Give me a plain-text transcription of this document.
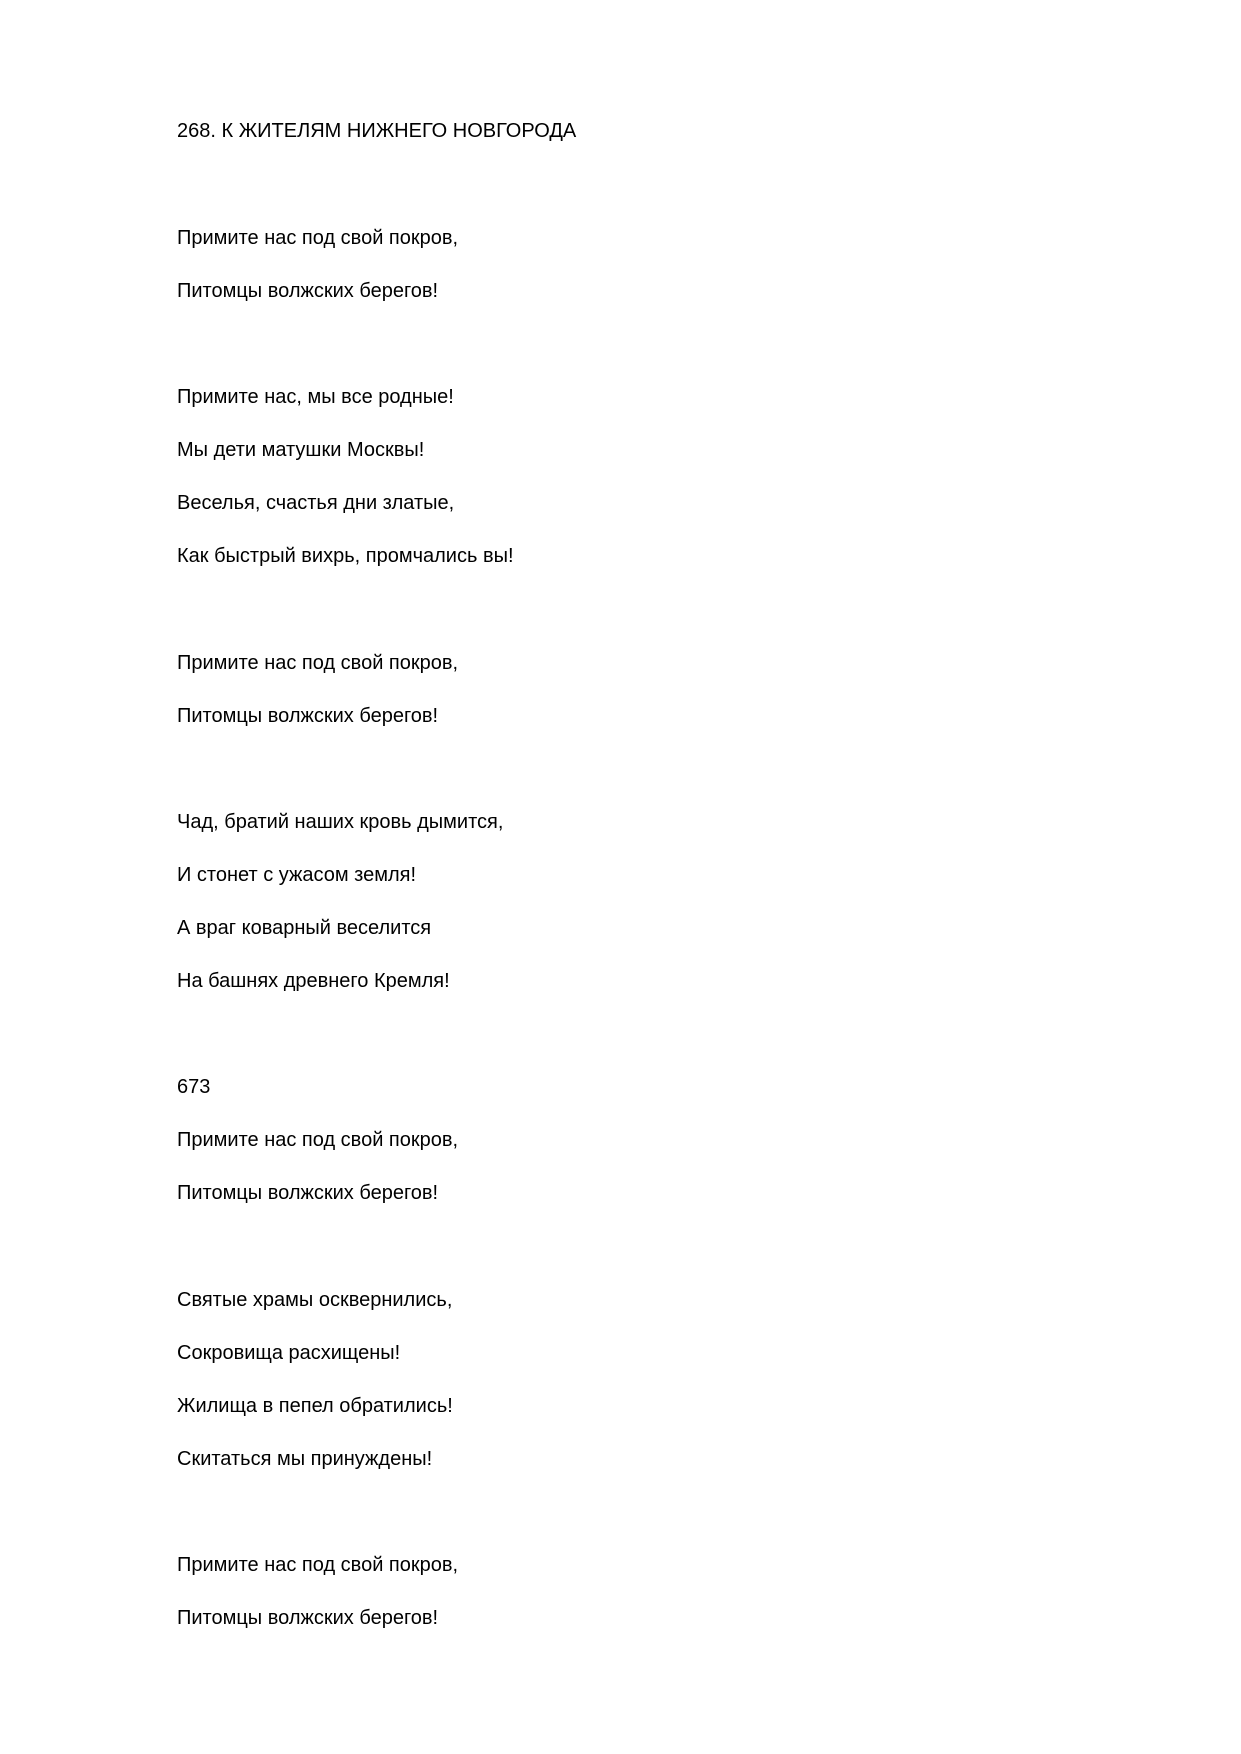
268. К ЖИТЕЛЯМ НИЖНЕГО НОВГОРОДА
Примите нас под свой покров,
Питомцы волжских берегов!
Примите нас, мы все родные!
Мы дети матушки Москвы!
Веселья, счастья дни златые,
Как быстрый вихрь, промчались вы!
Примите нас под свой покров,
Питомцы волжских берегов!
Чад, братий наших кровь дымится,
И стонет с ужасом земля!
А враг коварный веселится
На башнях древнего Кремля!
673
Примите нас под свой покров,
Питомцы волжских берегов!
Святые храмы осквернились,
Сокровища расхищены!
Жилища в пепел обратились!
Скитаться мы принуждены!
Примите нас под свой покров,
Питомцы волжских берегов!
